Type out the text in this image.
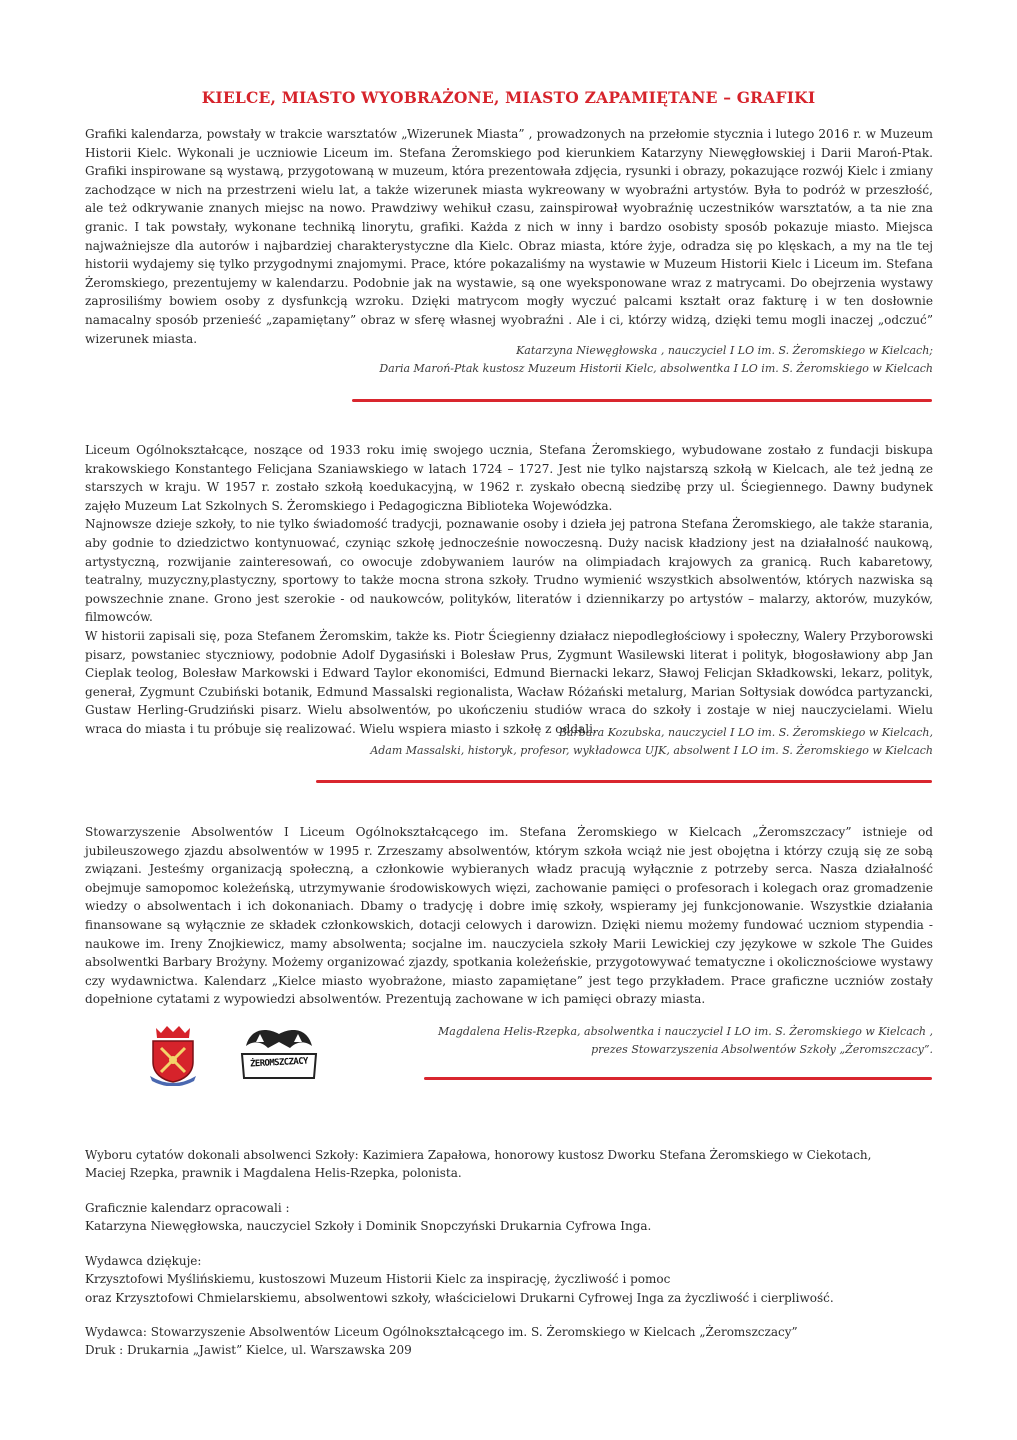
KIELCE, MIASTO WYOBRAŻONE, MIASTO ZAPAMIĘTANE – GRAFIKI

Grafiki kalendarza, powstały w trakcie warsztatów „Wizerunek Miasta” , prowadzonych na przełomie stycznia i lutego 2016 r. w Muzeum Historii Kielc. Wykonali je uczniowie Liceum im. Stefana Żeromskiego pod kierunkiem Katarzyny Niewęgłowskiej i Darii Maroń-Ptak. Grafiki inspirowane są wystawą, przygotowaną w muzeum, która prezentowała zdjęcia, rysunki i obrazy, pokazujące rozwój Kielc i zmiany zachodzące w nich na przestrzeni wielu lat, a także wizerunek miasta wykreowany w wyobraźni artystów. Była to podróż w przeszłość, ale też odkrywanie znanych miejsc na nowo. Prawdziwy wehikuł czasu, zainspirował wyobraźnię uczestników warsztatów, a ta nie zna granic. I tak powstały, wykonane techniką linorytu, grafiki. Każda z nich w inny i bardzo osobisty sposób pokazuje miasto. Miejsca najważniejsze dla autorów i najbardziej charakterystyczne dla Kielc. Obraz miasta, które żyje, odradza się po klęskach, a my na tle tej historii wydajemy się tylko przygodnymi znajomymi. Prace, które pokazaliśmy na wystawie w Muzeum Historii Kielc i Liceum im. Stefana Żeromskiego, prezentujemy w kalendarzu. Podobnie jak na wystawie, są one wyeksponowane wraz z matrycami. Do obejrzenia wystawy zaprosiliśmy bowiem osoby z dysfunkcją wzroku. Dzięki matrycom mogły wyczuć palcami kształt oraz fakturę i w ten dosłownie namacalny sposób przenieść „zapamiętany” obraz w sferę własnej wyobraźni . Ale i ci, którzy widzą, dzięki temu mogli inaczej „odczuć” wizerunek miasta.

Katarzyna Niewęgłowska , nauczyciel I LO im. S. Żeromskiego w Kielcach;
Daria Maroń-Ptak kustosz Muzeum Historii Kielc, absolwentka I LO im. S. Żeromskiego w Kielcach
Liceum Ogólnokształcące, noszące od 1933 roku imię swojego ucznia, Stefana Żeromskiego, wybudowane zostało z fundacji biskupa krakowskiego Konstantego Felicjana Szaniawskiego w latach 1724 – 1727. Jest nie tylko najstarszą szkołą w Kielcach, ale też jedną ze starszych w kraju. W 1957 r. zostało szkołą koedukacyjną, w 1962 r. zyskało obecną siedzibę przy ul. Ściegiennego. Dawny budynek zajęło Muzeum Lat Szkolnych S. Żeromskiego i Pedagogiczna Biblioteka Wojewódzka.
Najnowsze dzieje szkoły, to nie tylko świadomość tradycji, poznawanie osoby i dzieła jej patrona Stefana Żeromskiego, ale także starania, aby godnie to dziedzictwo kontynuować, czyniąc szkołę jednocześnie nowoczesną. Duży nacisk kładziony jest na działalność naukową, artystyczną, rozwijanie zainteresowań, co owocuje zdobywaniem laurów na olimpiadach krajowych za granicą. Ruch kabaretowy, teatralny, muzyczny,plastyczny, sportowy to także mocna strona szkoły. Trudno wymienić wszystkich absolwentów, których nazwiska są powszechnie znane. Grono jest szerokie - od naukowców, polityków, literatów i dziennikarzy po artystów – malarzy, aktorów, muzyków, filmowców.
W historii zapisali się, poza Stefanem Żeromskim, także ks. Piotr Ściegienny działacz niepodległościowy i społeczny, Walery Przyborowski pisarz, powstaniec styczniowy, podobnie Adolf Dygasiński i Bolesław Prus, Zygmunt Wasilewski literat i polityk, błogosławiony abp Jan Cieplak teolog, Bolesław Markowski i Edward Taylor ekonomiści, Edmund Biernacki lekarz, Sławoj Felicjan Składkowski, lekarz, polityk, generał, Zygmunt Czubiński botanik, Edmund Massalski regionalista, Wacław Różański metalurg, Marian Sołtysiak dowódca partyzancki, Gustaw Herling-Grudziński pisarz. Wielu absolwentów, po ukończeniu studiów wraca do szkoły i zostaje w niej nauczycielami. Wielu wraca do miasta i tu próbuje się realizować. Wielu wspiera miasto i szkołę z oddali.
Barbara Kozubska, nauczyciel I LO im. S. Żeromskiego w Kielcach,
Adam Massalski, historyk, profesor, wykładowca UJK, absolwent I LO im. S. Żeromskiego w Kielcach

Stowarzyszenie Absolwentów I Liceum Ogólnokształcącego im. Stefana Żeromskiego w Kielcach „Żeromszczacy” istnieje od jubileuszowego zjazdu absolwentów w 1995 r. Zrzeszamy absolwentów, którym szkoła wciąż nie jest obojętna i którzy czują się ze sobą związani. Jesteśmy organizacją społeczną, a członkowie wybieranych władz pracują wyłącznie z potrzeby serca. Nasza działalność obejmuje samopomoc koleżeńską, utrzymywanie środowiskowych więzi, zachowanie pamięci o profesorach i kolegach oraz gromadzenie wiedzy o absolwentach i ich dokonaniach. Dbamy o tradycję i dobre imię szkoły, wspieramy jej funkcjonowanie. Wszystkie działania finansowane są wyłącznie ze składek członkowskich, dotacji celowych i darowizn. Dzięki niemu możemy fundować uczniom stypendia - naukowe im. Ireny Znojkiewicz, mamy absolwenta; socjalne im. nauczyciela szkoły Marii Lewickiej czy językowe w szkole The Guides absolwentki Barbary Brożyny. Możemy organizować zjazdy, spotkania koleżeńskie, przygotowywać tematyczne i okolicznościowe wystawy czy wydawnictwa. Kalendarz „Kielce miasto wyobrażone, miasto zapamiętane” jest tego przykładem. Prace graficzne uczniów zostały dopełnione cytatami z wypowiedzi absolwentów. Prezentują zachowane w ich pamięci obrazy miasta.

ŻEROMSZCZACY
Magdalena Helis-Rzepka, absolwentka i nauczyciel I LO im. S. Żeromskiego w Kielcach ,
prezes Stowarzyszenia Absolwentów Szkoły „Żeromszczacy”.
Wyboru cytatów dokonali absolwenci Szkoły: Kazimiera Zapałowa, honorowy kustosz Dworku Stefana Żeromskiego w Ciekotach,
Maciej Rzepka, prawnik i Magdalena Helis-Rzepka, polonista.
Graficznie kalendarz opracowali :
Katarzyna Niewęgłowska, nauczyciel Szkoły i Dominik Snopczyński Drukarnia Cyfrowa Inga.
Wydawca dziękuje:
Krzysztofowi Myślińskiemu, kustoszowi Muzeum Historii Kielc za inspirację, życzliwość i pomoc
oraz Krzysztofowi Chmielarskiemu, absolwentowi szkoły, właścicielowi Drukarni Cyfrowej Inga za życzliwość i cierpliwość.
Wydawca: Stowarzyszenie Absolwentów Liceum Ogólnokształcącego im. S. Żeromskiego w Kielcach „Żeromszczacy”
Druk : Drukarnia „Jawist” Kielce, ul. Warszawska 209
